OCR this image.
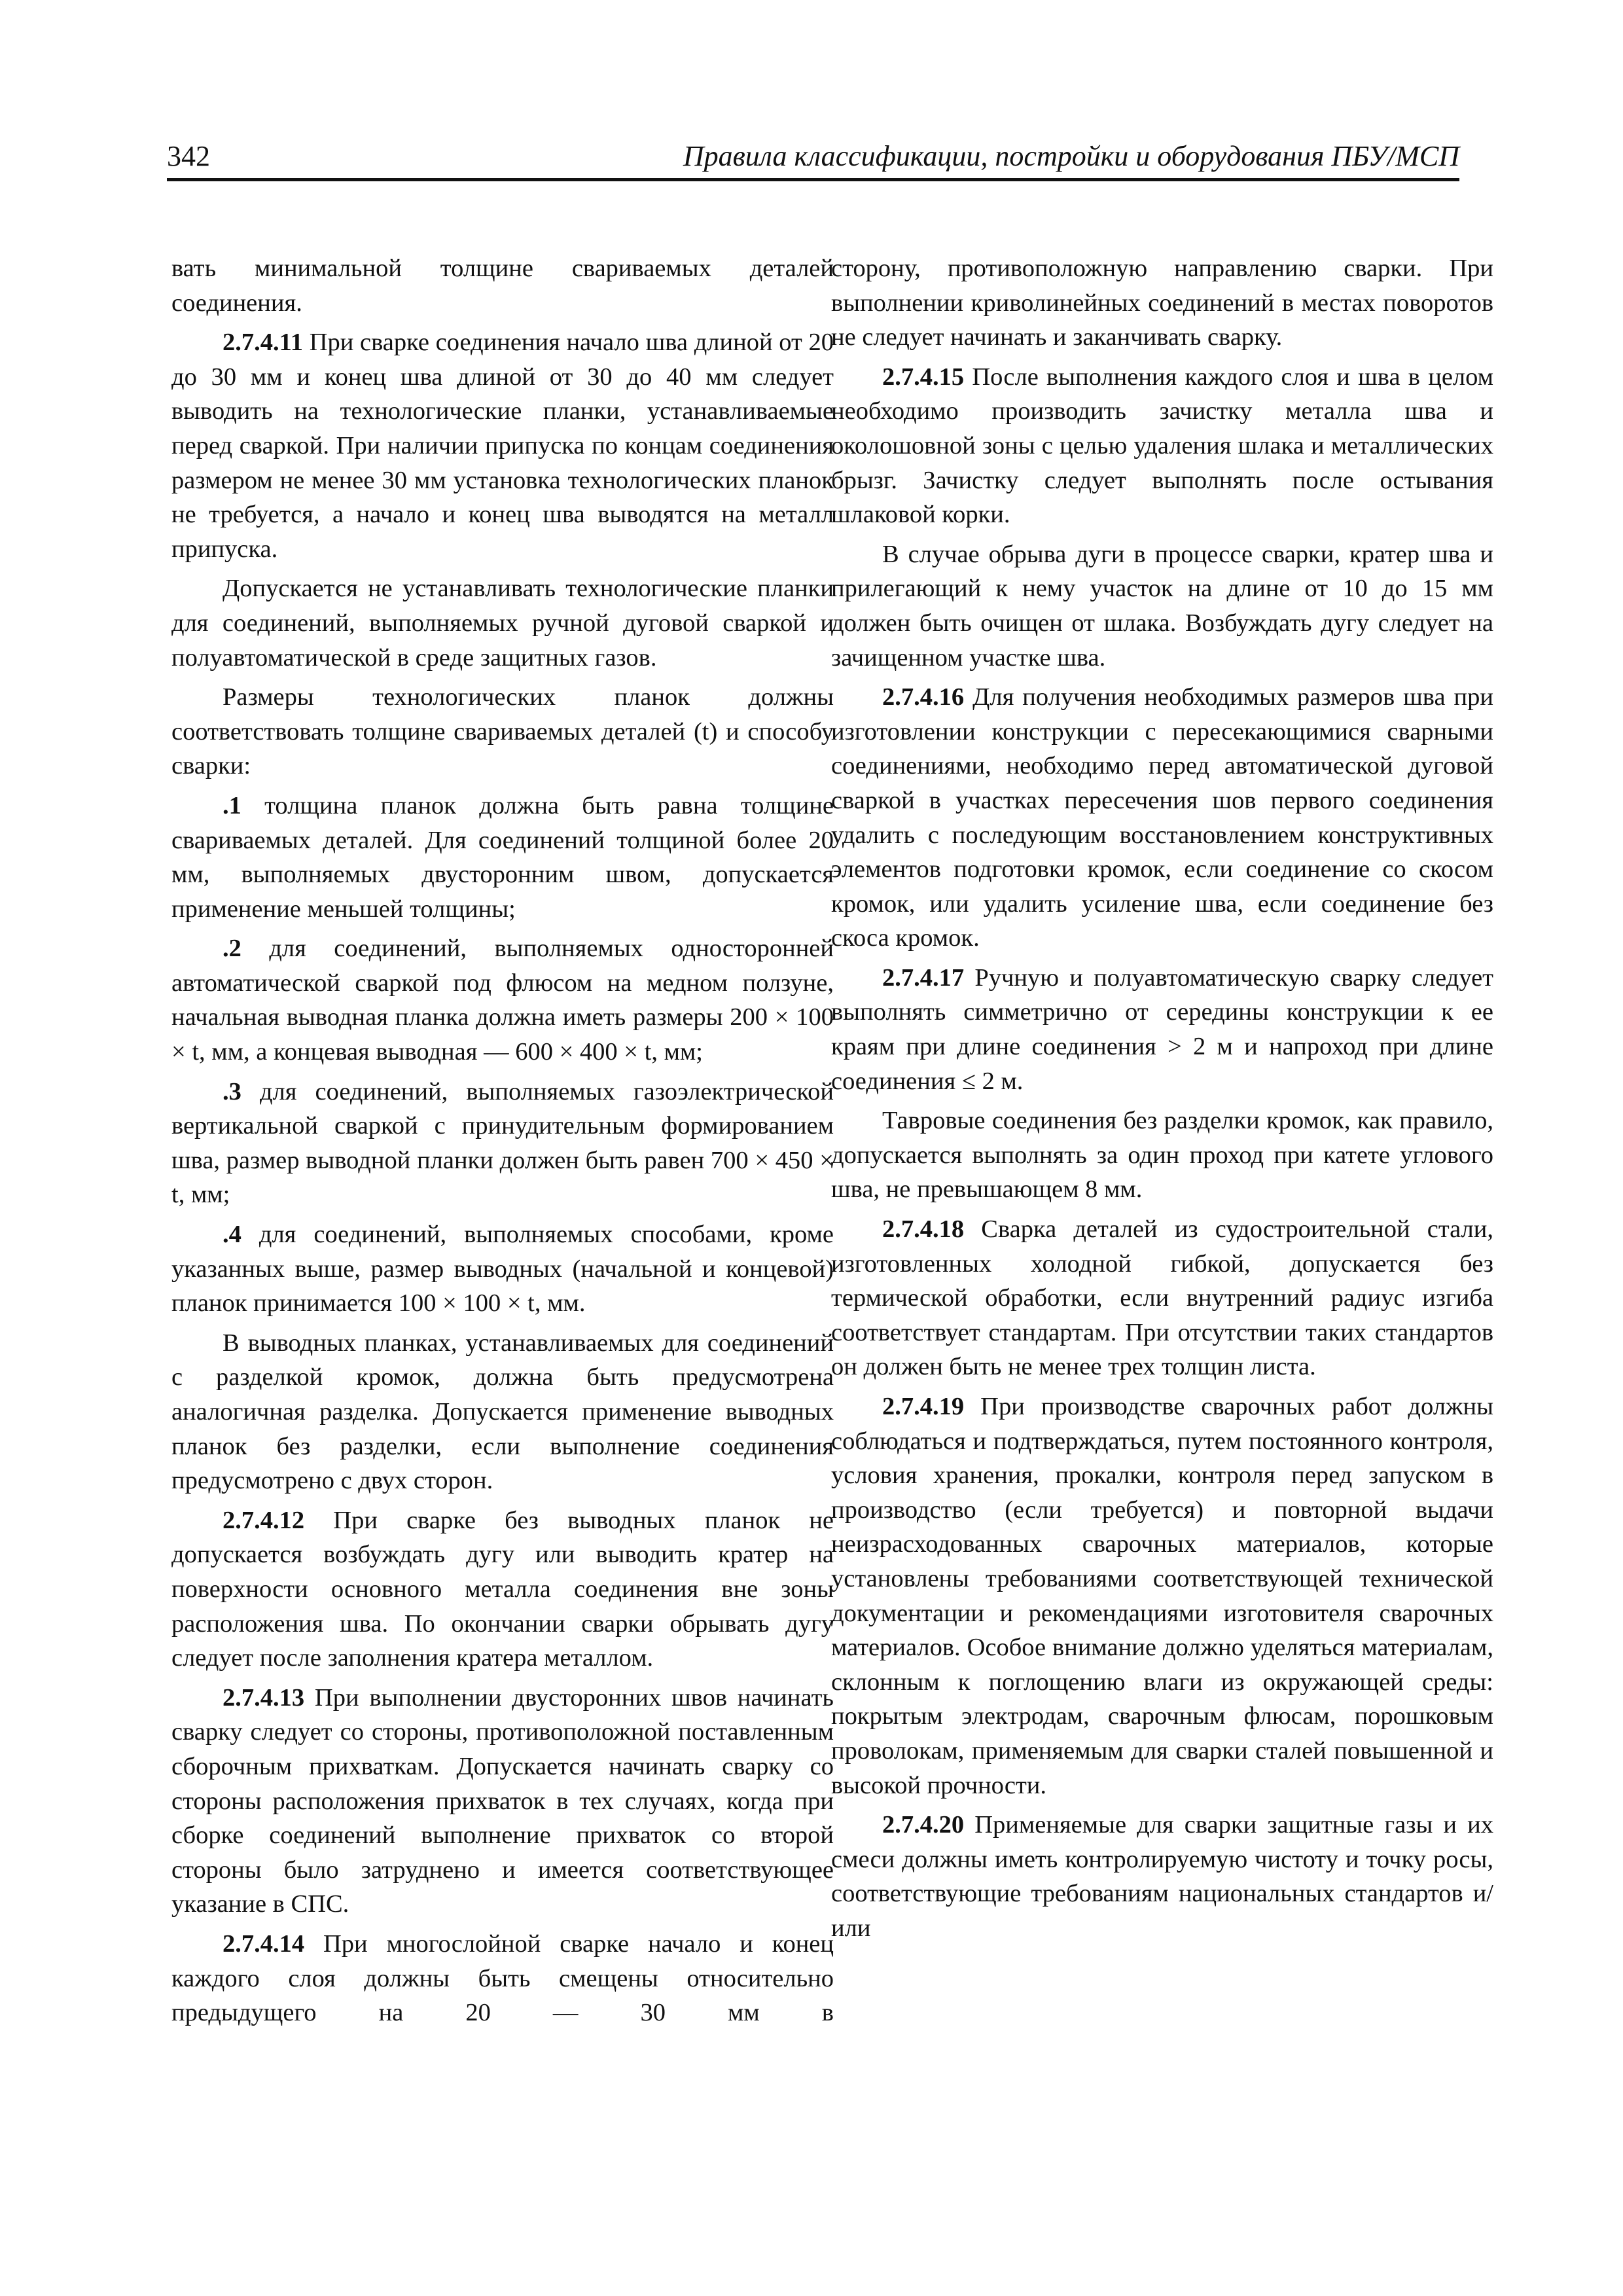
342	Правила классификации, постройки и оборудования ПБУ/МСП

вать минимальной толщине свариваемых деталей соединения.

2.7.4.11 При сварке соединения начало шва длиной от 20 до 30 мм и конец шва длиной от 30 до 40 мм следует выводить на технологические планки, устанавливаемые перед сваркой. При наличии припуска по концам соединения размером не менее 30 мм установка технологических планок не требуется, а начало и конец шва выводятся на металл припуска.

Допускается не устанавливать технологические планки для соединений, выполняемых ручной дуговой сваркой и полуавтоматической в среде защитных газов.

Размеры технологических планок должны соответствовать толщине свариваемых деталей (t) и способу сварки:

.1 толщина планок должна быть равна толщине свариваемых деталей. Для соединений толщиной более 20 мм, выполняемых двусторонним швом, допускается применение меньшей толщины;

.2 для соединений, выполняемых односторонней автоматической сваркой под флюсом на медном ползуне, начальная выводная планка должна иметь размеры 200 × 100 × t, мм, а концевая выводная — 600 × 400 × t, мм;

.3 для соединений, выполняемых газоэлектрической вертикальной сваркой с принудительным формированием шва, размер выводной планки должен быть равен 700 × 450 × t, мм;

.4 для соединений, выполняемых способами, кроме указанных выше, размер выводных (начальной и концевой) планок принимается 100 × 100 × t, мм.

В выводных планках, устанавливаемых для соединений с разделкой кромок, должна быть предусмотрена аналогичная разделка. Допускается применение выводных планок без разделки, если выполнение соединения предусмотрено с двух сторон.

2.7.4.12 При сварке без выводных планок не допускается возбуждать дугу или выводить кратер на поверхности основного металла соединения вне зоны расположения шва. По окончании сварки обрывать дугу следует после заполнения кратера металлом.

2.7.4.13 При выполнении двусторонних швов начинать сварку следует со стороны, противоположной поставленным сборочным прихваткам. Допускается начинать сварку со стороны расположения прихваток в тех случаях, когда при сборке соединений выполнение прихваток со второй стороны было затруднено и имеется соответствующее указание в СПС.

2.7.4.14 При многослойной сварке начало и конец каждого слоя должны быть смещены относительно предыдущего на 20 — 30 мм в

сторону, противоположную направлению сварки. При выполнении криволинейных соединений в местах поворотов не следует начинать и заканчивать сварку.

2.7.4.15 После выполнения каждого слоя и шва в целом необходимо производить зачистку металла шва и околошовной зоны с целью удаления шлака и металлических брызг. Зачистку следует выполнять после остывания шлаковой корки.

В случае обрыва дуги в процессе сварки, кратер шва и прилегающий к нему участок на длине от 10 до 15 мм должен быть очищен от шлака. Возбуждать дугу следует на зачищенном участке шва.

2.7.4.16 Для получения необходимых размеров шва при изготовлении конструкции с пересекающимися сварными соединениями, необходимо перед автоматической дуговой сваркой в участках пересечения шов первого соединения удалить с последующим восстановлением конструктивных элементов подготовки кромок, если соединение со скосом кромок, или удалить усиление шва, если соединение без скоса кромок.

2.7.4.17 Ручную и полуавтоматическую сварку следует выполнять симметрично от середины конструкции к ее краям при длине соединения > 2 м и напроход при длине соединения ≤ 2 м.

Тавровые соединения без разделки кромок, как правило, допускается выполнять за один проход при катете углового шва, не превышающем 8 мм.

2.7.4.18 Сварка деталей из судостроительной стали, изготовленных холодной гибкой, допускается без термической обработки, если внутренний радиус изгиба соответствует стандартам. При отсутствии таких стандартов он должен быть не менее трех толщин листа.

2.7.4.19 При производстве сварочных работ должны соблюдаться и подтверждаться, путем постоянного контроля, условия хранения, прокалки, контроля перед запуском в производство (если требуется) и повторной выдачи неизрасходованных сварочных материалов, которые установлены требованиями соответствующей технической документации и рекомендациями изготовителя сварочных материалов. Особое внимание должно уделяться материалам, склонным к поглощению влаги из окружающей среды: покрытым электродам, сварочным флюсам, порошковым проволокам, применяемым для сварки сталей повышенной и высокой прочности.

2.7.4.20 Применяемые для сварки защитные газы и их смеси должны иметь контролируемую чистоту и точку росы, соответствующие требованиям национальных стандартов и/или
